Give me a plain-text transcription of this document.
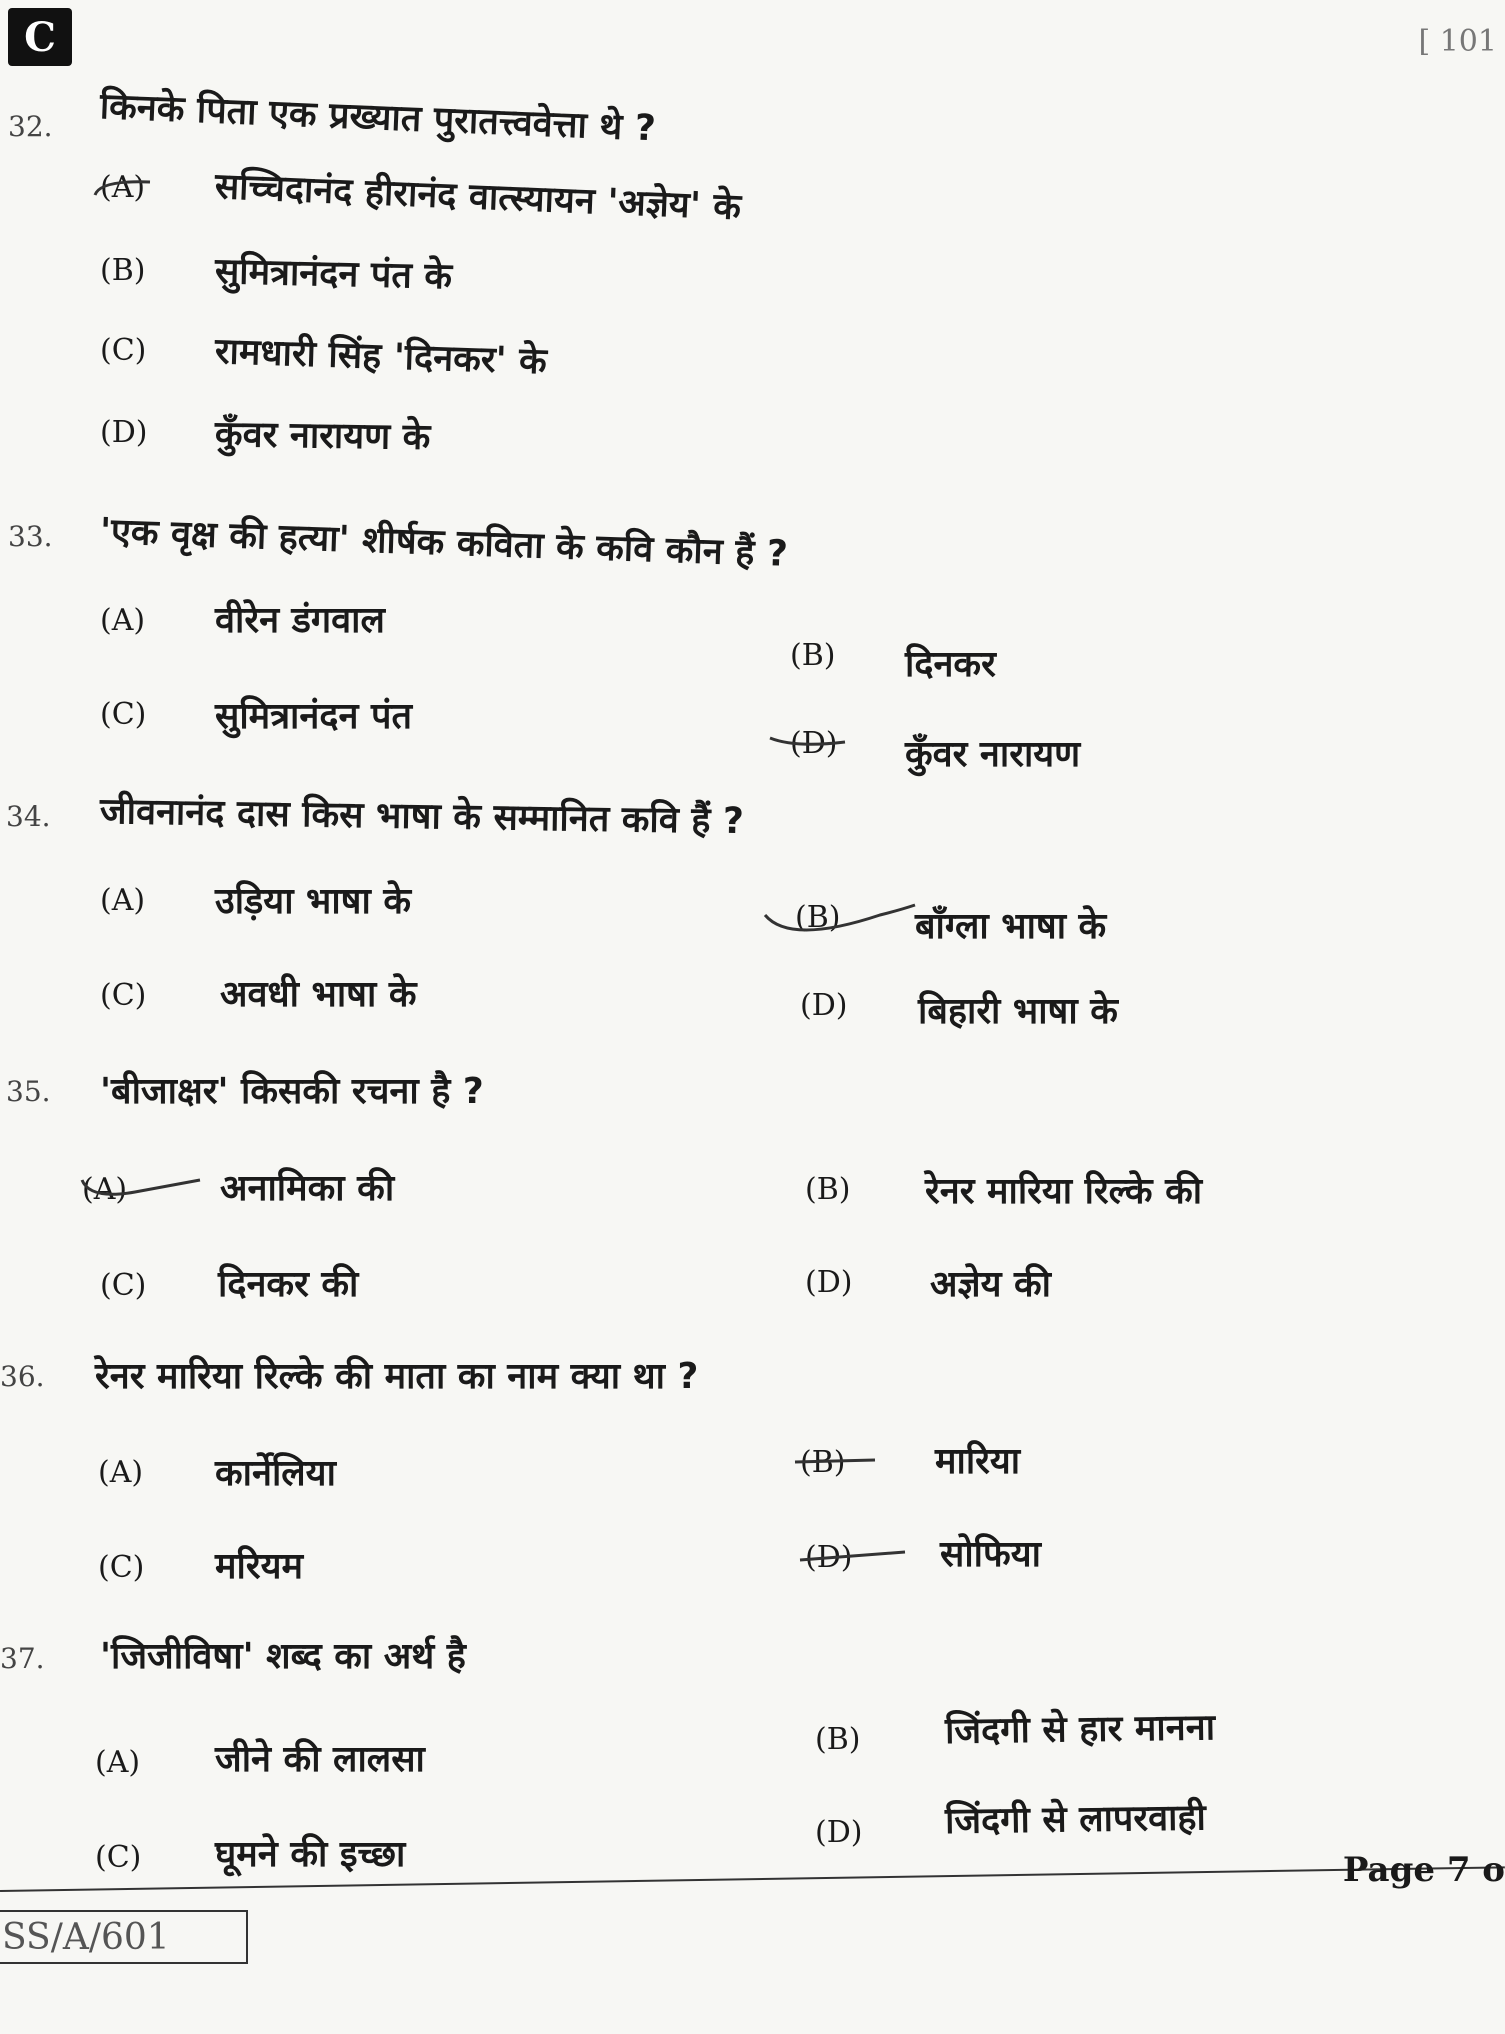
C	[ 101
32. किनके पिता एक प्रख्यात पुरातत्त्ववेत्ता थे ?
(A) सच्चिदानंद हीरानंद वात्स्यायन 'अज्ञेय' के
(B) सुमित्रानंदन पंत के
(C) रामधारी सिंह 'दिनकर' के
(D) कुँवर नारायण के
33. 'एक वृक्ष की हत्या' शीर्षक कविता के कवि कौन हैं ?
(A) वीरेन डंगवाल
(B) दिनकर
(C) सुमित्रानंदन पंत
(D) कुँवर नारायण
34. जीवनानंद दास किस भाषा के सम्मानित कवि हैं ?
(A) उड़िया भाषा के	(B) बाँग्ला भाषा के
(C) अवधी भाषा के	(D) बिहारी भाषा के
35. 'बीजाक्षर' किसकी रचना है ?
(A)	अनामिका की	(B) रेनर मारिया रिल्के की
(C) दिनकर की	(D) अज्ञेय की
36. रेनर मारिया रिल्के की माता का नाम क्या था ?
(A) कार्नेलिया	(B) मारिया
(C) मरियम	(D) सोफिया
37. 'जिजीविषा' शब्द का अर्थ है
(A) जीने की लालसा	(B) जिंदगी से हार मानना
(C) घूमने की इच्छा
(D) जिंदगी से लापरवाही
Page 7 o
SS/A/601
